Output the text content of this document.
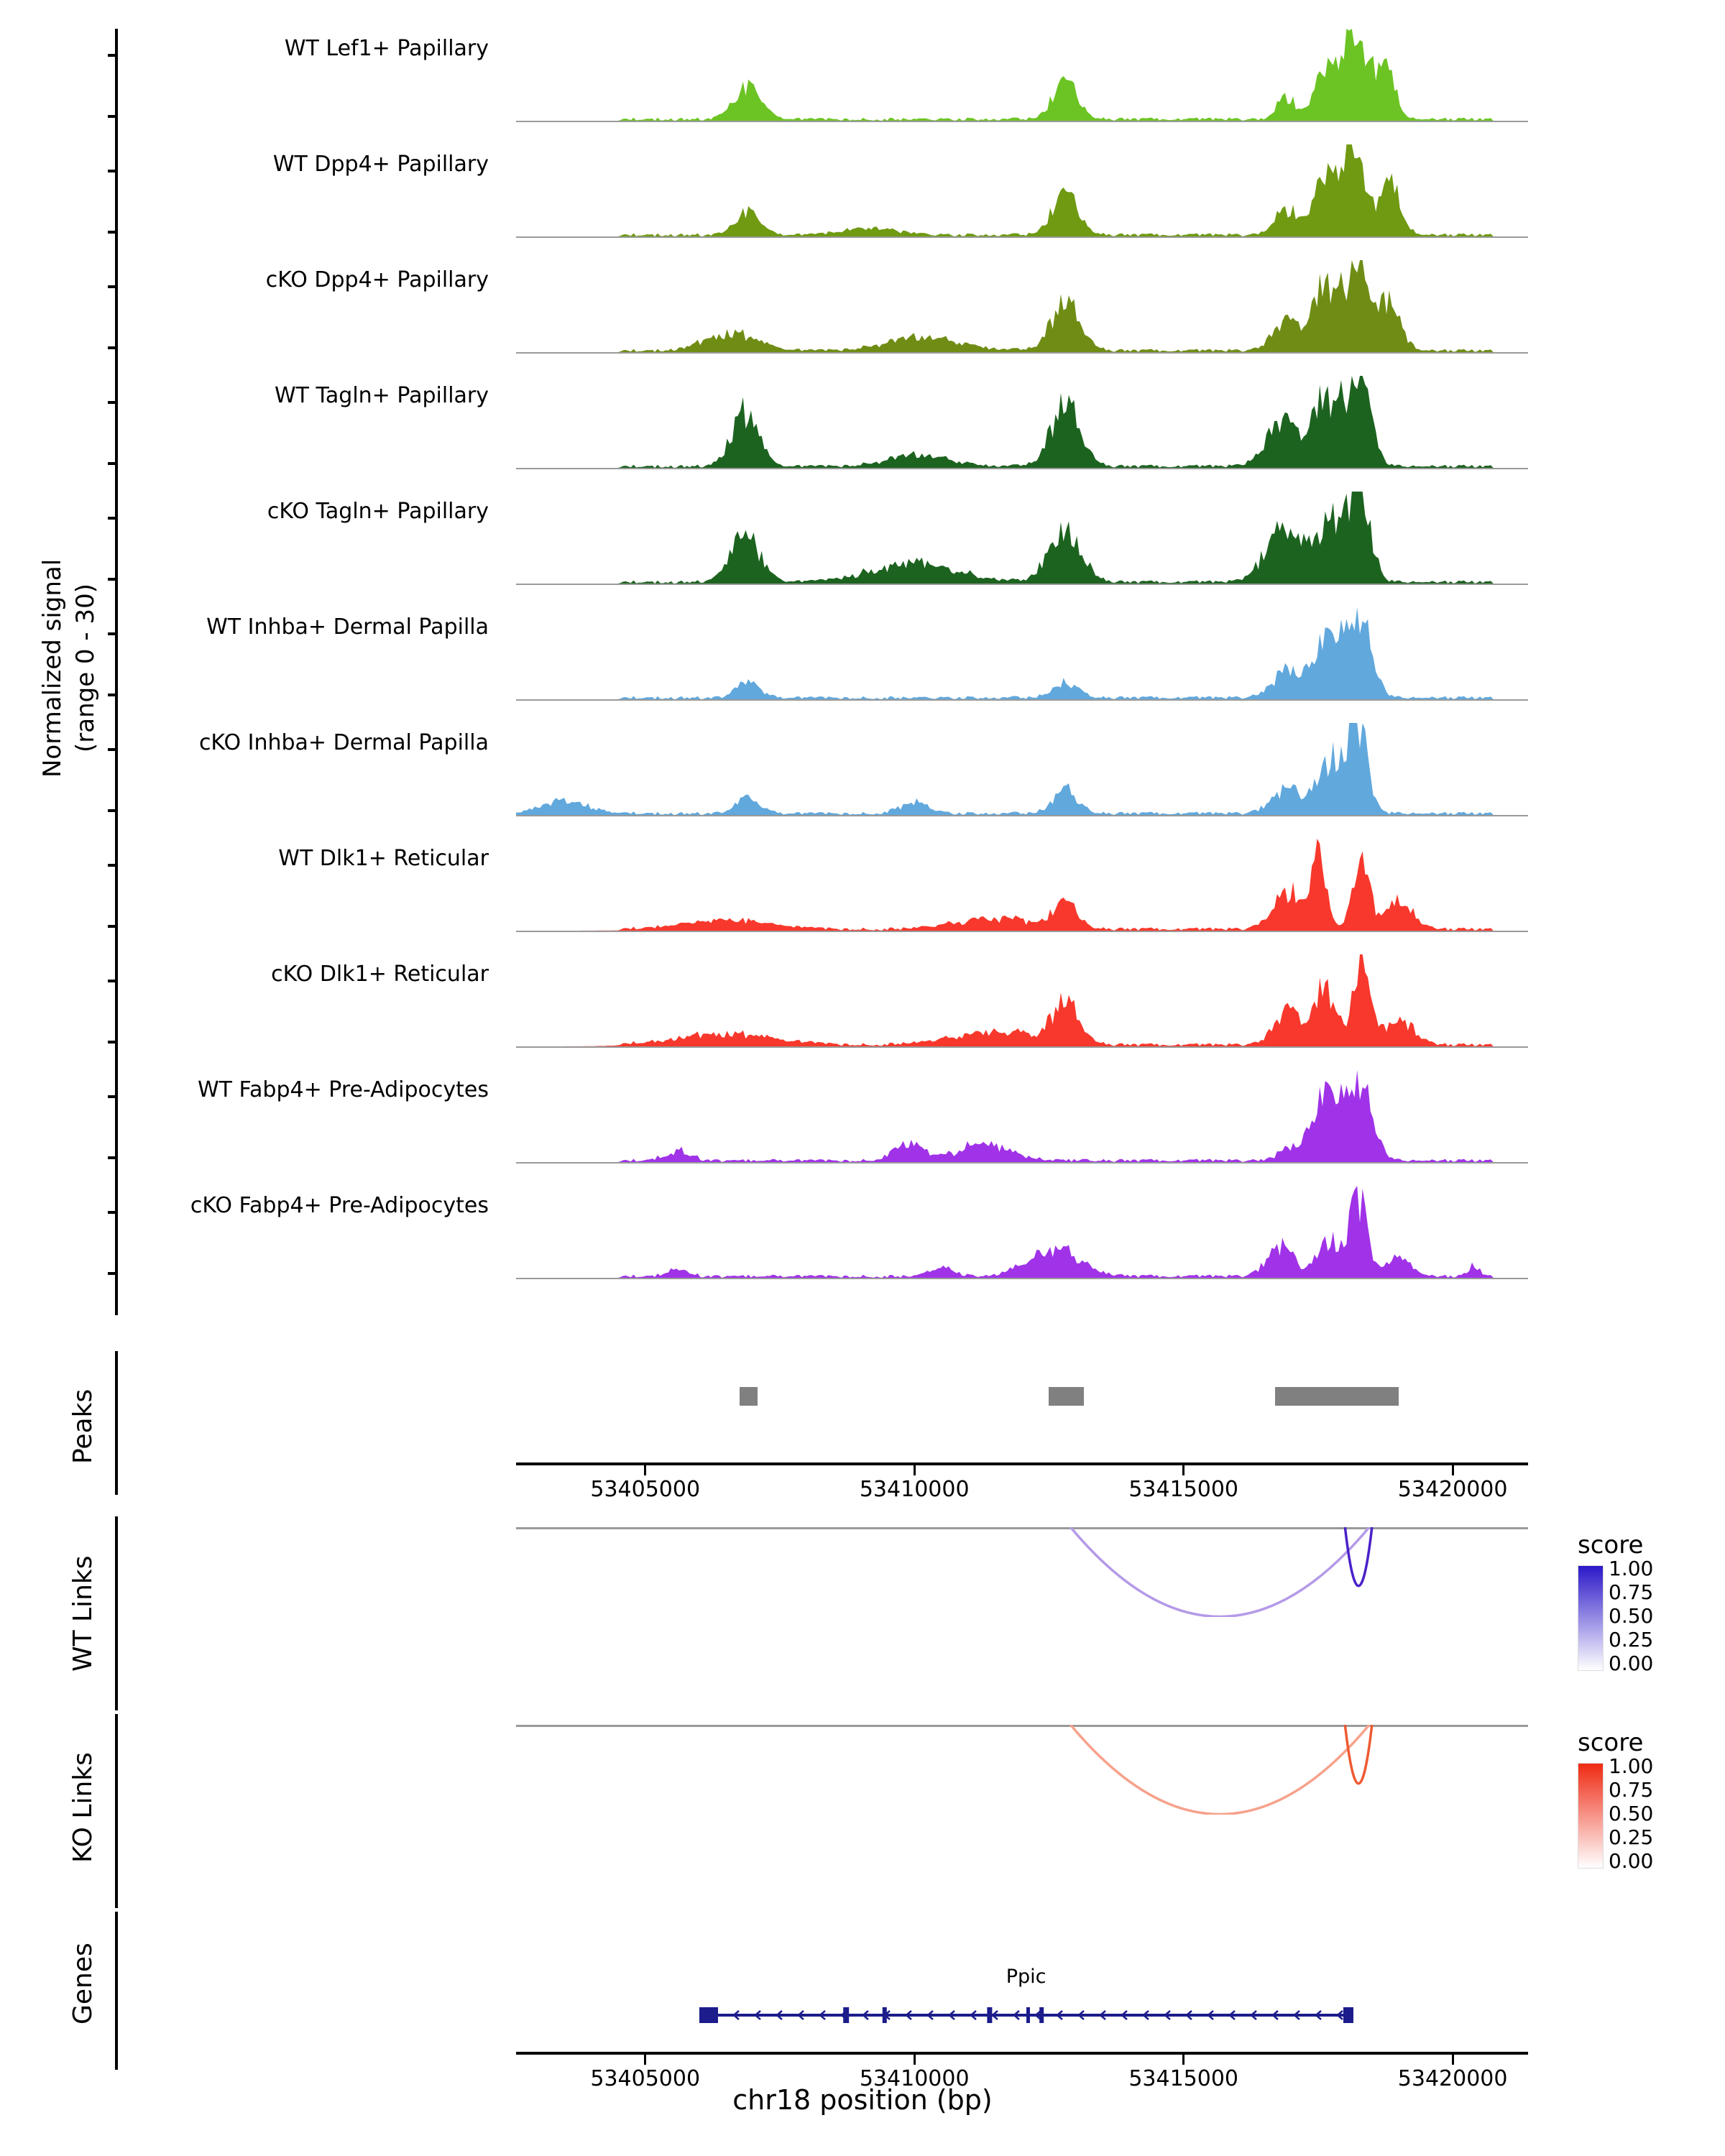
Normalized signal (range 0 - 30)
WT Lef1+ Papillary
WT Dpp4+ Papillary
cKO Dpp4+ Papillary
WT Tagln+ Papillary
cKO Tagln+ Papillary
WT Inhba+ Dermal Papilla
cKO Inhba+ Dermal Papilla
WT Dlk1+ Reticular
cKO Dlk1+ Reticular
WT Fabp4+ Pre-Adipocytes
cKO Fabp4+ Pre-Adipocytes
Peaks
53405000	53410000	53415000	53420000
WT Links
KO Links
Genes	Ppic
53405000	53410000	53415000	53420000
chr18 position (bp)
score
1.00
0.75
0.50
0.25
0.00
score
1.00
0.75
0.50
0.25
0.00
